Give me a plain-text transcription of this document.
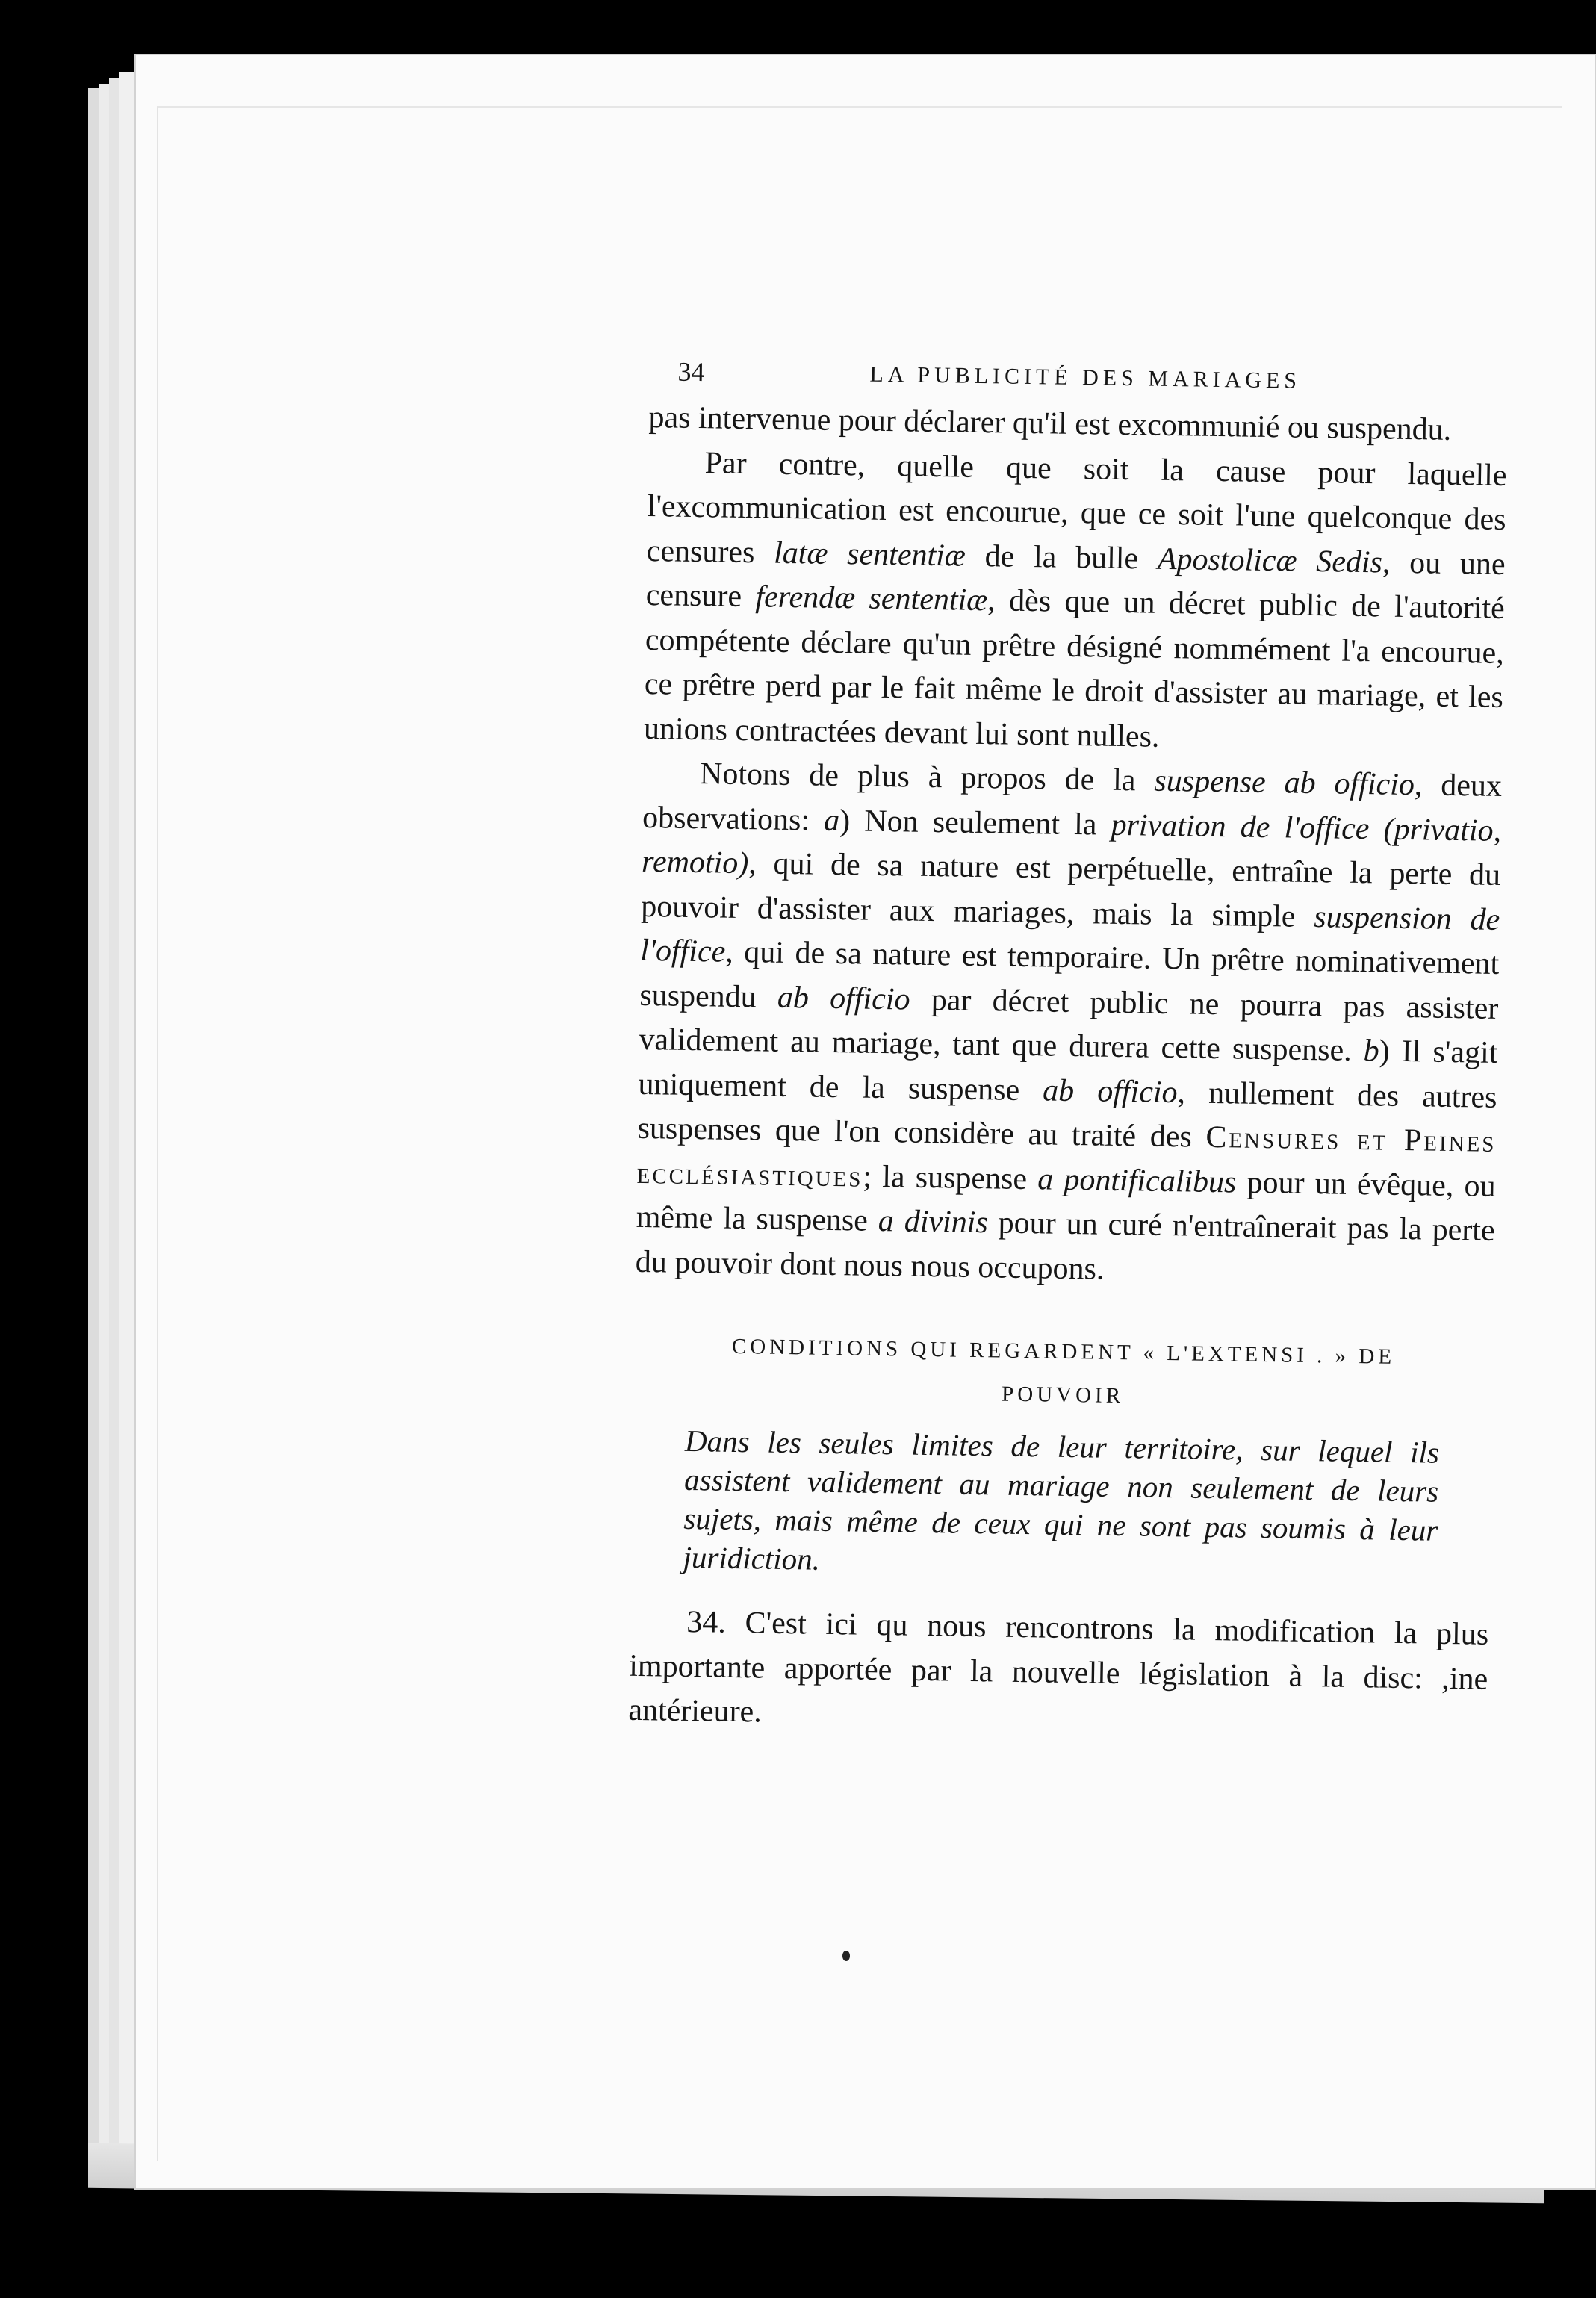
34	LA PUBLICITÉ DES MARIAGES

pas intervenue pour déclarer qu'il est excommunié ou suspendu.

Par contre, quelle que soit la cause pour laquelle l'excommunication est encourue, que ce soit l'une quelconque des censures latæ sententiæ de la bulle Apostolicæ Sedis, ou une censure ferendæ sententiæ, dès que un décret public de l'autorité compétente déclare qu'un prêtre désigné nommément l'a encourue, ce prêtre perd par le fait même le droit d'assister au mariage, et les unions contractées devant lui sont nulles.

Notons de plus à propos de la suspense ab officio, deux observations: a) Non seulement la privation de l'office (privatio, remotio), qui de sa nature est perpétuelle, entraîne la perte du pouvoir d'assister aux mariages, mais la simple suspension de l'office, qui de sa nature est temporaire. Un prêtre nominativement suspendu ab officio par décret public ne pourra pas assister validement au mariage, tant que durera cette suspense. b) Il s'agit uniquement de la suspense ab officio, nullement des autres suspenses que l'on considère au traité des Censures et Peines ecclésiastiques; la suspense a pontificalibus pour un évêque, ou même la suspense a divinis pour un curé n'entraînerait pas la perte du pouvoir dont nous nous occupons.

CONDITIONS QUI REGARDENT « L'EXTENSI . » DE
POUVOIR
Dans les seules limites de leur territoire, sur lequel ils assistent validement au mariage non seulement de leurs sujets, mais même de ceux qui ne sont pas soumis à leur juridiction.

34. C'est ici qu nous rencontrons la modification la plus importante apportée par la nouvelle législation à la disc: ,ine antérieure.
